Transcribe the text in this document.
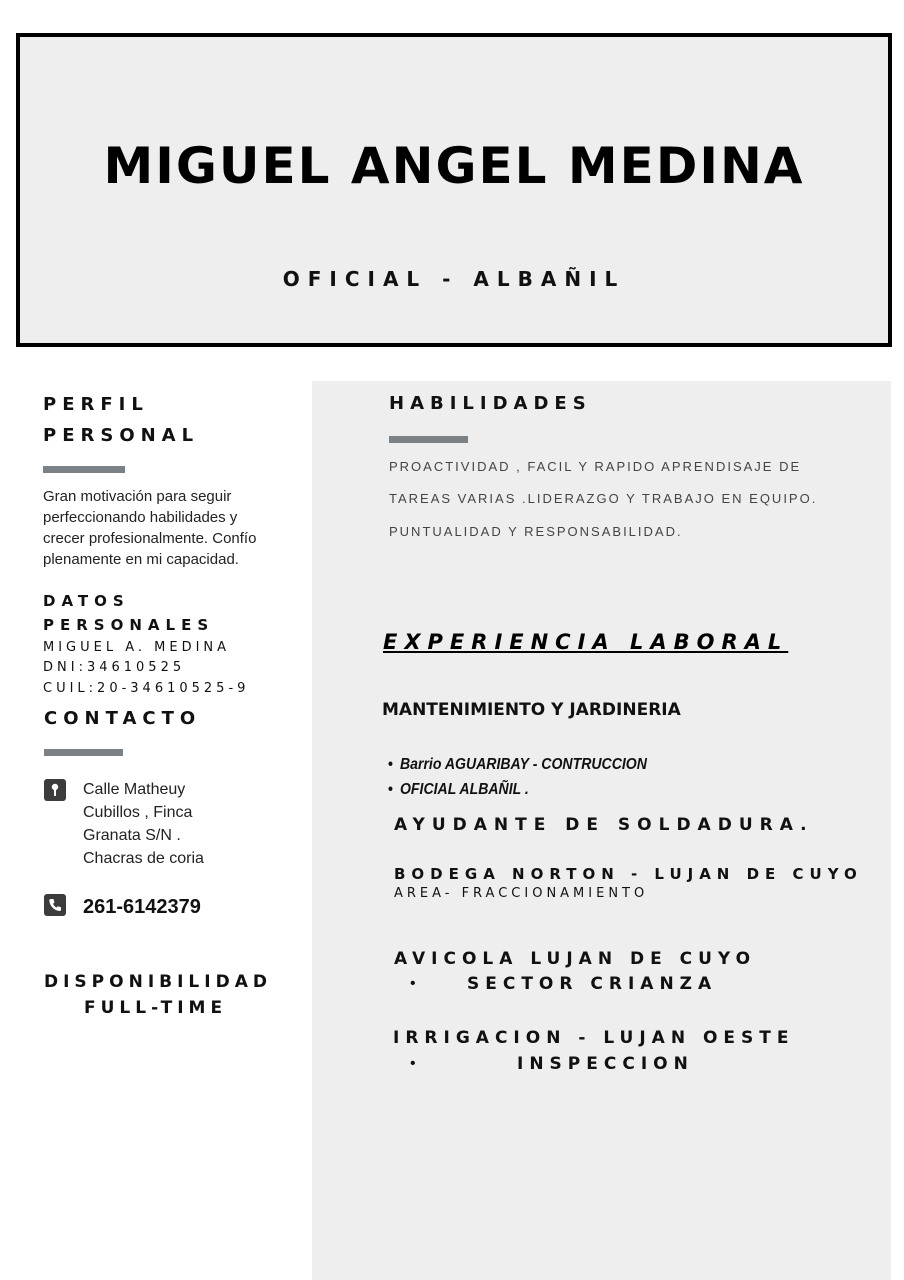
MIGUEL ANGEL MEDINA
OFICIAL - ALBAÑIL
PERFIL
PERSONAL
Gran motivación para seguir
perfeccionando habilidades y
crecer profesionalmente. Confío
plenamente en mi capacidad.
DATOS
PERSONALES
MIGUEL A. MEDINA
DNI:34610525
CUIL:20-34610525-9
CONTACTO
Calle Matheuy
Cubillos , Finca
Granata S/N .
Chacras de coria
261-6142379
DISPONIBILIDAD
FULL-TIME
HABILIDADES
PROACTIVIDAD , FACIL Y RAPIDO APRENDISAJE DE
TAREAS VARIAS .LIDERAZGO Y TRABAJO EN EQUIPO.
PUNTUALIDAD Y RESPONSABILIDAD.
EXPERIENCIA LABORAL
MANTENIMIENTO Y JARDINERIA
• Barrio AGUARIBAY - CONTRUCCION
• OFICIAL ALBAÑIL .
AYUDANTE DE SOLDADURA.
BODEGA NORTON - LUJAN DE CUYO
AREA- FRACCIONAMIENTO
AVICOLA LUJAN DE CUYO
•	SECTOR CRIANZA
IRRIGACION - LUJAN OESTE
•	INSPECCION
